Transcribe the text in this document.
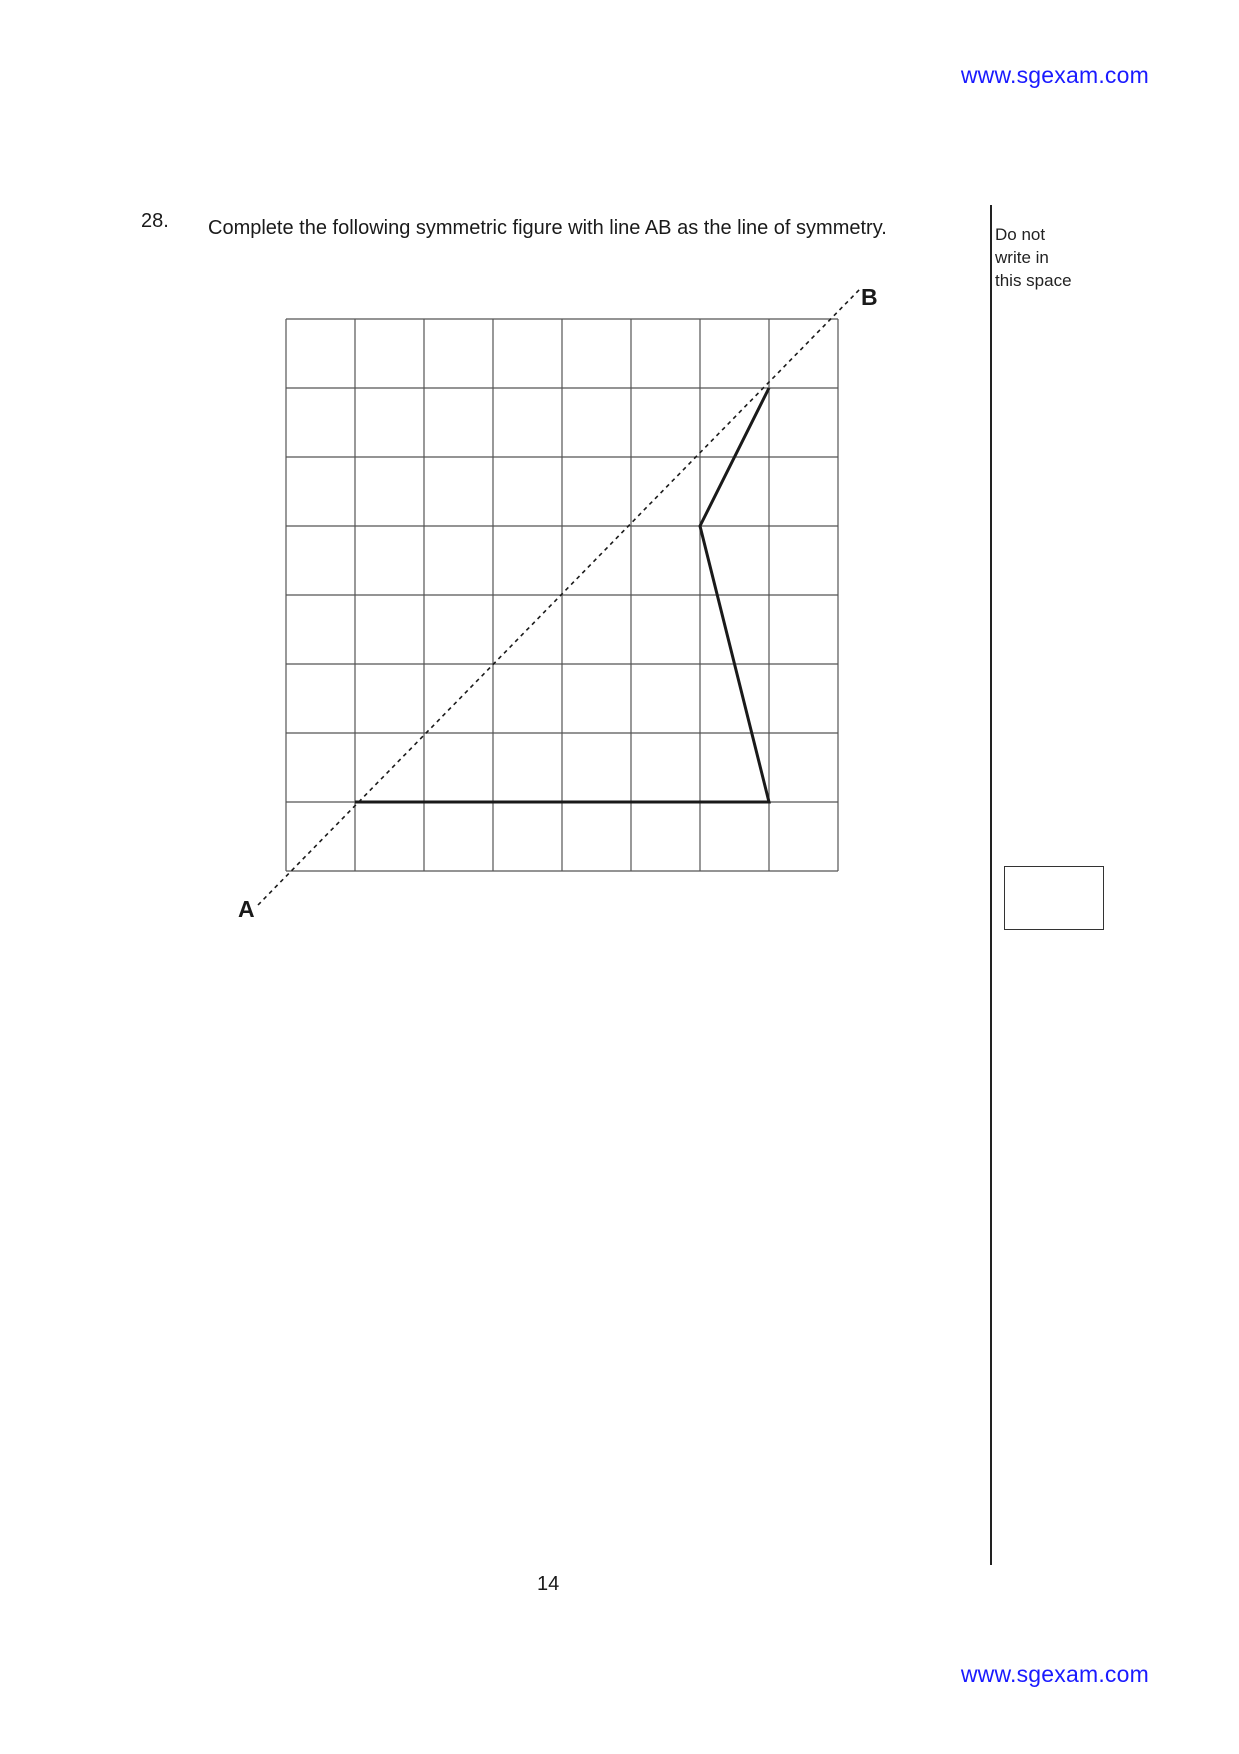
www.sgexam.com
28. Complete the following symmetric figure with line AB as the line of symmetry.	Do not
write in
this space
A
B
14
www.sgexam.com
